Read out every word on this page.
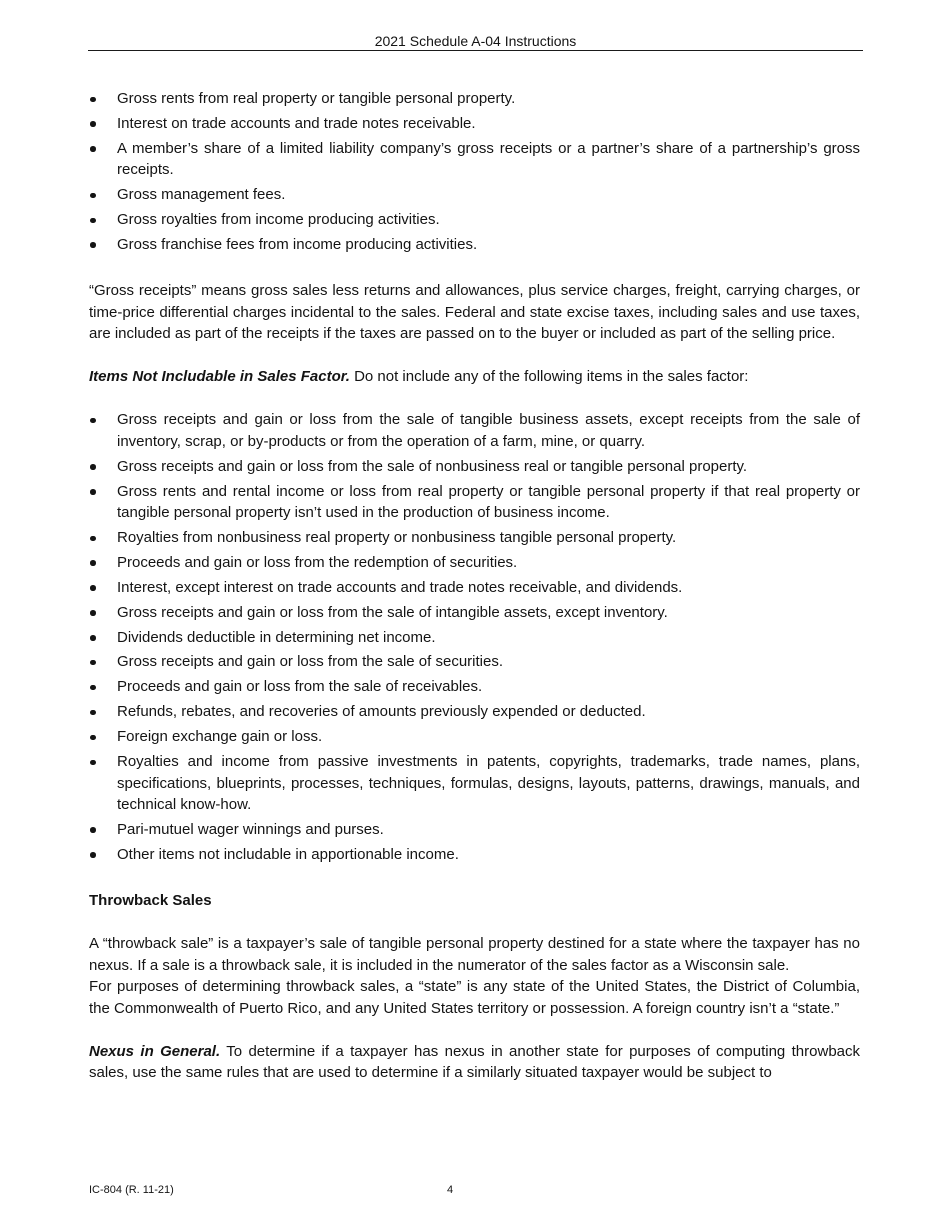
2021 Schedule A-04 Instructions
Gross rents from real property or tangible personal property.
Interest on trade accounts and trade notes receivable.
A member’s share of a limited liability company’s gross receipts or a partner’s share of a partnership’s gross receipts.
Gross management fees.
Gross royalties from income producing activities.
Gross franchise fees from income producing activities.

“Gross receipts” means gross sales less returns and allowances, plus service charges, freight, carrying charges, or time-price differential charges incidental to the sales. Federal and state excise taxes, including sales and use taxes, are included as part of the receipts if the taxes are passed on to the buyer or included as part of the selling price.

Items Not Includable in Sales Factor. Do not include any of the following items in the sales factor:

Gross receipts and gain or loss from the sale of tangible business assets, except receipts from the sale of inventory, scrap, or by-products or from the operation of a farm, mine, or quarry.
Gross receipts and gain or loss from the sale of nonbusiness real or tangible personal property.
Gross rents and rental income or loss from real property or tangible personal property if that real property or tangible personal property isn’t used in the production of business income.
Royalties from nonbusiness real property or nonbusiness tangible personal property.
Proceeds and gain or loss from the redemption of securities.
Interest, except interest on trade accounts and trade notes receivable, and dividends.
Gross receipts and gain or loss from the sale of intangible assets, except inventory.
Dividends deductible in determining net income.
Gross receipts and gain or loss from the sale of securities.
Proceeds and gain or loss from the sale of receivables.
Refunds, rebates, and recoveries of amounts previously expended or deducted.
Foreign exchange gain or loss.
Royalties and income from passive investments in patents, copyrights, trademarks, trade names, plans, specifications, blueprints, processes, techniques, formulas, designs, layouts, patterns, drawings, manuals, and technical know-how.
Pari-mutuel wager winnings and purses.
Other items not includable in apportionable income.

Throwback Sales

A “throwback sale” is a taxpayer’s sale of tangible personal property destined for a state where the taxpayer has no nexus. If a sale is a throwback sale, it is included in the numerator of the sales factor as a Wisconsin sale.

For purposes of determining throwback sales, a “state” is any state of the United States, the District of Columbia, the Commonwealth of Puerto Rico, and any United States territory or possession. A foreign country isn’t a “state.”

Nexus in General. To determine if a taxpayer has nexus in another state for purposes of computing throwback sales, use the same rules that are used to determine if a similarly situated taxpayer would be subject to

IC-804 (R. 11-21)	4
